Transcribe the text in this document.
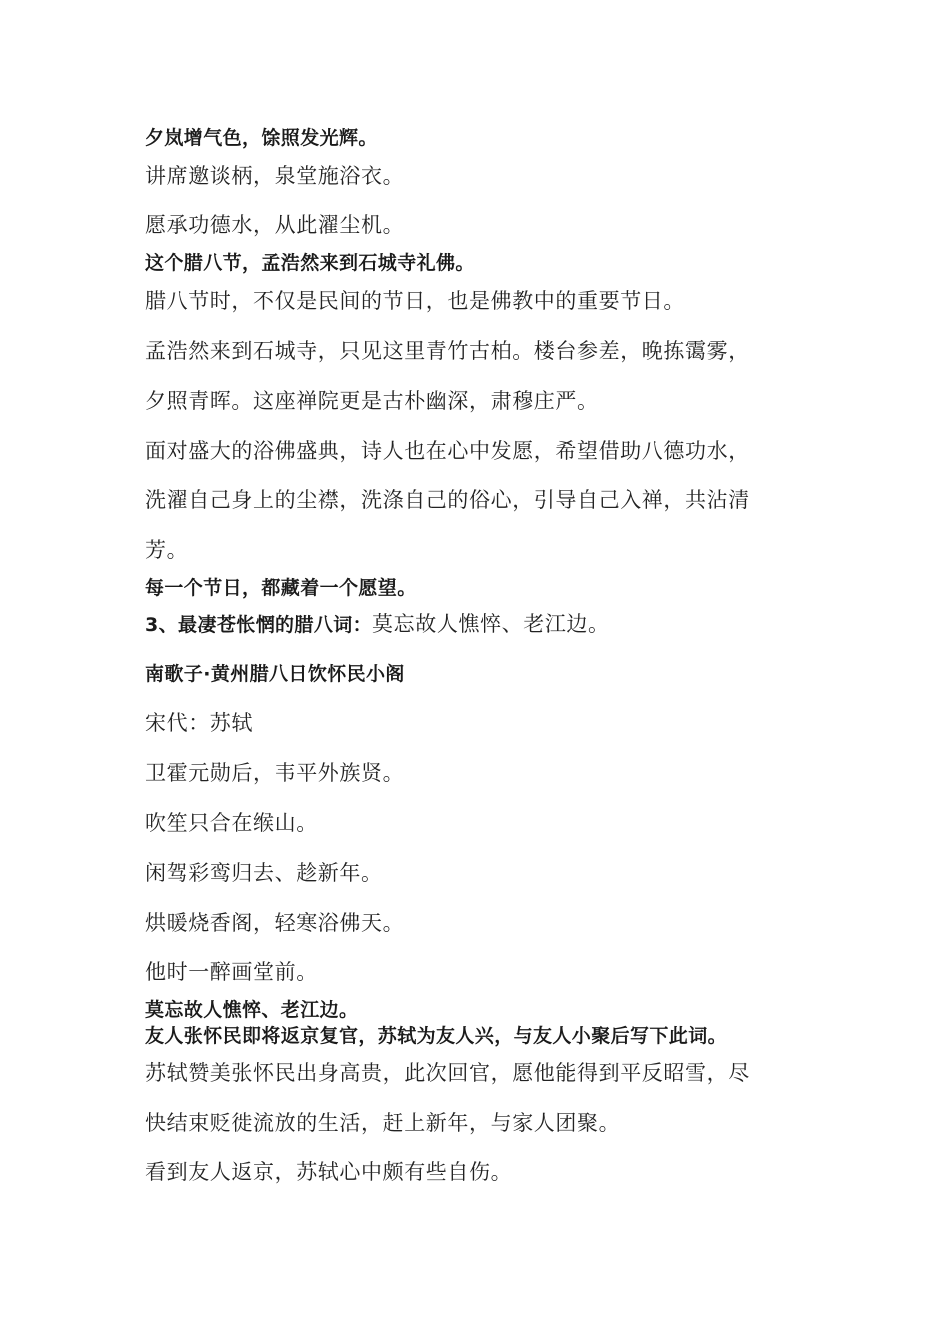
夕岚增气色，馀照发光辉。
讲席邀谈柄，泉堂施浴衣。
愿承功德水，从此濯尘机。
这个腊八节，孟浩然来到石城寺礼佛。
腊八节时，不仅是民间的节日，也是佛教中的重要节日。
孟浩然来到石城寺，只见这里青竹古柏。楼台参差，晚拣霭雾，
夕照青晖。这座禅院更是古朴幽深，肃穆庄严。
面对盛大的浴佛盛典，诗人也在心中发愿，希望借助八德功水，
洗濯自己身上的尘襟，洗涤自己的俗心，引导自己入禅，共沾清
芳。
每一个节日，都藏着一个愿望。
3、最凄苍怅惘的腊八词：莫忘故人憔悴、老江边。
南歌子·黄州腊八日饮怀民小阁
宋代：苏轼
卫霍元勋后，韦平外族贤。
吹笙只合在缑山。
闲驾彩鸾归去、趁新年。
烘暖烧香阁，轻寒浴佛天。
他时一醉画堂前。
莫忘故人憔悴、老江边。
友人张怀民即将返京复官，苏轼为友人兴，与友人小聚后写下此词。
苏轼赞美张怀民出身高贵，此次回官，愿他能得到平反昭雪，尽
快结束贬徙流放的生活，赶上新年，与家人团聚。
看到友人返京，苏轼心中颇有些自伤。
